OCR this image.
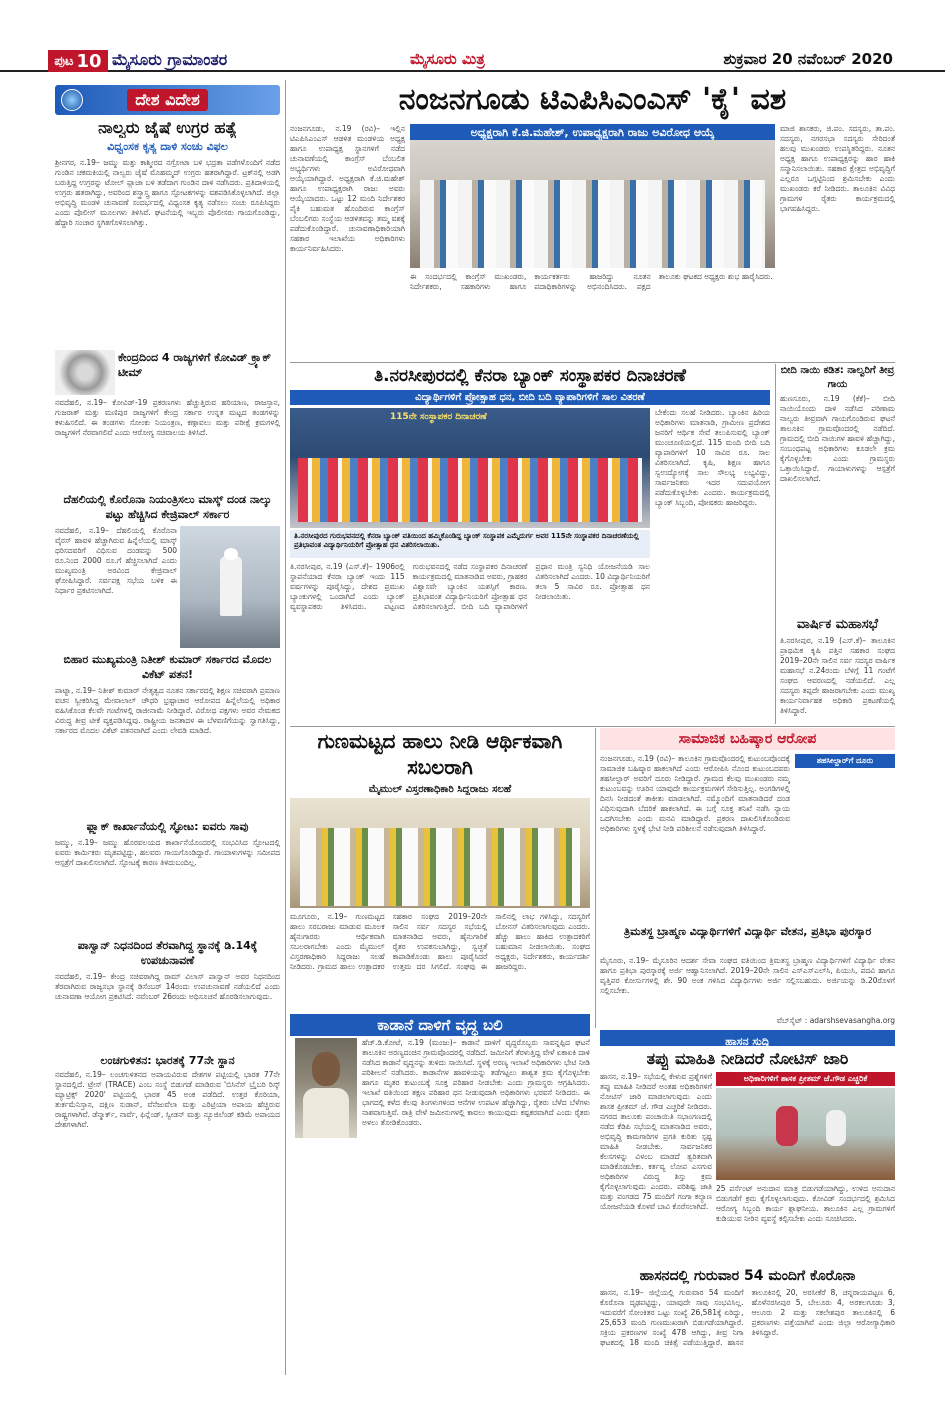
ಪುಟ 10 ಮೈಸೂರು ಗ್ರಾಮಾಂತರ	ಮೈಸೂರು ಮಿತ್ರ	ಶುಕ್ರವಾರ 20 ನವೆಂಬರ್ 2020
ದೇಶ ವಿದೇಶ
ನಾಲ್ವರು ಜೈಷೆ ಉಗ್ರರ ಹತ್ಯೆ
ವಿಧ್ವಂಸಕ ಕೃತ್ಯ ದಾಳಿ ಸಂಚು ವಿಫಲ
ಶ್ರೀನಗರ, ನ.19– ಜಮ್ಮು ಮತ್ತು ಕಾಶ್ಮೀರದ ನಗ್ರೋಟಾ ಬಳಿ ಭದ್ರತಾ ಪಡೆಗಳೊಂದಿಗೆ ನಡೆದ ಗುಂಡಿನ ಚಕಮಕಿಯಲ್ಲಿ ನಾಲ್ವರು ಜೈಷೆ ಮೊಹಮ್ಮದ್ ಉಗ್ರರು ಹತರಾಗಿದ್ದಾರೆ. ಟ್ರಕ್‌ನಲ್ಲಿ ಅಡಗಿ ಬರುತ್ತಿದ್ದ ಉಗ್ರರನ್ನು ಟೋಲ್ ಪ್ಲಾಜಾ ಬಳಿ ತಡೆದಾಗ ಗುಂಡಿನ ದಾಳಿ ನಡೆಸಿದರು. ಪ್ರತಿದಾಳಿಯಲ್ಲಿ ಉಗ್ರರು ಹತರಾಗಿದ್ದು, ಅವರಿಂದ ಶಸ್ತ್ರಾಸ್ತ್ರ ಹಾಗೂ ಸ್ಫೋಟಕಗಳನ್ನು ವಶಪಡಿಸಿಕೊಳ್ಳಲಾಗಿದೆ. ಜಿಲ್ಲಾ ಅಭಿವೃದ್ಧಿ ಮಂಡಳಿ ಚುನಾವಣೆ ಸಂದರ್ಭದಲ್ಲಿ ವಿಧ್ವಂಸಕ ಕೃತ್ಯ ನಡೆಸಲು ಸಂಚು ರೂಪಿಸಿದ್ದರು ಎಂದು ಪೊಲೀಸ್ ಮೂಲಗಳು ತಿಳಿಸಿವೆ. ಘಟನೆಯಲ್ಲಿ ಇಬ್ಬರು ಪೊಲೀಸರು ಗಾಯಗೊಂಡಿದ್ದು, ಹೆದ್ದಾರಿ ಸಂಚಾರ ಸ್ಥಗಿತಗೊಳಿಸಲಾಗಿತ್ತು.
ಕೇಂದ್ರದಿಂದ 4 ರಾಜ್ಯಗಳಿಗೆ ಕೋವಿಡ್ ಕ್ರ್ಯಾಕ್ ಟೀಮ್
ನವದೆಹಲಿ, ನ.19– ಕೋವಿಡ್-19 ಪ್ರಕರಣಗಳು ಹೆಚ್ಚುತ್ತಿರುವ ಹರಿಯಾಣ, ರಾಜಸ್ತಾನ, ಗುಜರಾತ್ ಮತ್ತು ಮಣಿಪುರ ರಾಜ್ಯಗಳಿಗೆ ಕೇಂದ್ರ ಸರ್ಕಾರ ಉನ್ನತ ಮಟ್ಟದ ತಂಡಗಳನ್ನು ಕಳುಹಿಸಲಿದೆ. ಈ ತಂಡಗಳು ಸೋಂಕು ನಿಯಂತ್ರಣ, ಕಣ್ಗಾವಲು ಮತ್ತು ಪರೀಕ್ಷೆ ಕ್ರಮಗಳಲ್ಲಿ ರಾಜ್ಯಗಳಿಗೆ ನೆರವಾಗಲಿವೆ ಎಂದು ಆರೋಗ್ಯ ಸಚಿವಾಲಯ ತಿಳಿಸಿದೆ.
ದೆಹಲಿಯಲ್ಲಿ ಕೊರೊನಾ ನಿಯಂತ್ರಿಸಲು ಮಾಸ್ಕ್ ದಂಡ ನಾಲ್ಕು ಪಟ್ಟು ಹೆಚ್ಚಿಸಿದ ಕೇಜ್ರಿವಾಲ್ ಸರ್ಕಾರ
ನವದೆಹಲಿ, ನ.19– ದೆಹಲಿಯಲ್ಲಿ ಕೊರೊನಾ ವೈರಸ್ ಹಾವಳಿ ಹೆಚ್ಚಾಗಿರುವ ಹಿನ್ನೆಲೆಯಲ್ಲಿ ಮಾಸ್ಕ್ ಧರಿಸದವರಿಗೆ ವಿಧಿಸುವ ದಂಡವನ್ನು 500 ರೂ.ನಿಂದ 2000 ರೂ.ಗೆ ಹೆಚ್ಚಿಸಲಾಗಿದೆ ಎಂದು ಮುಖ್ಯಮಂತ್ರಿ ಅರವಿಂದ ಕೇಜ್ರಿವಾಲ್ ಘೋಷಿಸಿದ್ದಾರೆ. ಸರ್ವಪಕ್ಷ ಸಭೆಯ ಬಳಿಕ ಈ ನಿರ್ಧಾರ ಪ್ರಕಟಿಸಲಾಗಿದೆ.
ಬಿಹಾರ ಮುಖ್ಯಮಂತ್ರಿ ನಿತೀಶ್ ಕುಮಾರ್ ಸರ್ಕಾರದ ಮೊದಲ ವಿಕೆಟ್ ಪತನ!
ಪಾಟ್ನಾ, ನ.19– ನಿತೀಶ್ ಕುಮಾರ್ ನೇತೃತ್ವದ ನೂತನ ಸರ್ಕಾರದಲ್ಲಿ ಶಿಕ್ಷಣ ಸಚಿವರಾಗಿ ಪ್ರಮಾಣ ವಚನ ಸ್ವೀಕರಿಸಿದ್ದ ಮೇವಾಲಾಲ್ ಚೌಧರಿ ಭ್ರಷ್ಟಾಚಾರ ಆರೋಪದ ಹಿನ್ನೆಲೆಯಲ್ಲಿ ಅಧಿಕಾರ ವಹಿಸಿಕೊಂಡ ಕೆಲವೇ ಗಂಟೆಗಳಲ್ಲಿ ರಾಜೀನಾಮೆ ನೀಡಿದ್ದಾರೆ. ವಿರೋಧ ಪಕ್ಷಗಳು ಅವರ ನೇಮಕದ ವಿರುದ್ಧ ತೀವ್ರ ಟೀಕೆ ವ್ಯಕ್ತಪಡಿಸಿದ್ದವು. ರಾಷ್ಟ್ರೀಯ ಜನತಾದಳ ಈ ಬೆಳವಣಿಗೆಯನ್ನು ಸ್ವಾಗತಿಸಿದ್ದು, ಸರ್ಕಾರದ ಮೊದಲ ವಿಕೆಟ್ ಪತನವಾಗಿದೆ ಎಂದು ಲೇವಡಿ ಮಾಡಿದೆ.
ಫ್ಲ್ಯಾಕ್ ಕಾರ್ಖಾನೆಯಲ್ಲಿ ಸ್ಫೋಟ: ಐವರು ಸಾವು
ಜಮ್ಮು, ನ.19– ಜಮ್ಮು ಹೊರವಲಯದ ಕಾರ್ಖಾನೆಯೊಂದರಲ್ಲಿ ಸಂಭವಿಸಿದ ಸ್ಫೋಟದಲ್ಲಿ ಐವರು ಕಾರ್ಮಿಕರು ಮೃತಪಟ್ಟಿದ್ದು, ಹಲವರು ಗಾಯಗೊಂಡಿದ್ದಾರೆ. ಗಾಯಾಳುಗಳನ್ನು ಸಮೀಪದ ಆಸ್ಪತ್ರೆಗೆ ದಾಖಲಿಸಲಾಗಿದೆ. ಸ್ಫೋಟಕ್ಕೆ ಕಾರಣ ತಿಳಿದುಬಂದಿಲ್ಲ.
ಪಾಸ್ವಾನ್ ನಿಧನದಿಂದ ತೆರವಾಗಿದ್ದ ಸ್ಥಾನಕ್ಕೆ ಡಿ.14ಕ್ಕೆ ಉಪಚುನಾವಣೆ
ನವದೆಹಲಿ, ನ.19– ಕೇಂದ್ರ ಸಚಿವರಾಗಿದ್ದ ರಾಮ್ ವಿಲಾಸ್ ಪಾಸ್ವಾನ್ ಅವರ ನಿಧನದಿಂದ ತೆರವಾಗಿರುವ ರಾಜ್ಯಸಭಾ ಸ್ಥಾನಕ್ಕೆ ಡಿಸೆಂಬರ್ 14ರಂದು ಉಪಚುನಾವಣೆ ನಡೆಯಲಿದೆ ಎಂದು ಚುನಾವಣಾ ಆಯೋಗ ಪ್ರಕಟಿಸಿದೆ. ನವೆಂಬರ್ 26ರಂದು ಅಧಿಸೂಚನೆ ಹೊರಡಿಸಲಾಗುವುದು.
ಲಂಚಗುಳಿತನ: ಭಾರತಕ್ಕೆ 77ನೇ ಸ್ಥಾನ
ನವದೆಹಲಿ, ನ.19– ಲಂಚಗುಳಿತನದ ಅಪಾಯವಿರುವ ದೇಶಗಳ ಪಟ್ಟಿಯಲ್ಲಿ ಭಾರತ 77ನೇ ಸ್ಥಾನದಲ್ಲಿದೆ. ಟ್ರೇಸ್ (TRACE) ಎಂಬ ಸಂಸ್ಥೆ ಬಿಡುಗಡೆ ಮಾಡಿರುವ 'ಬಿಸಿನೆಸ್ ಬ್ರೈಬರಿ ರಿಸ್ಕ್ ಮ್ಯಾಟ್ರಿಕ್ಸ್ 2020' ಪಟ್ಟಿಯಲ್ಲಿ ಭಾರತ 45 ಅಂಕ ಪಡೆದಿದೆ. ಉತ್ತರ ಕೊರಿಯಾ, ತುರ್ಕಮೆನಿಸ್ತಾನ, ದಕ್ಷಿಣ ಸುಡಾನ್, ವೆನೆಜುವೆಲಾ ಮತ್ತು ಎರಿಟ್ರಿಯಾ ಅಪಾಯ ಹೆಚ್ಚಿರುವ ರಾಷ್ಟ್ರಗಳಾಗಿವೆ. ಡೆನ್ಮಾರ್ಕ್, ನಾರ್ವೆ, ಫಿನ್ಲೆಂಡ್, ಸ್ವೀಡನ್ ಮತ್ತು ನ್ಯೂಜಿಲೆಂಡ್ ಕಡಿಮೆ ಅಪಾಯದ ದೇಶಗಳಾಗಿವೆ.
ನಂಜನಗೂಡು ಟಿಎಪಿಸಿಎಂಎಸ್ 'ಕೈ' ವಶ
ನಂಜನಗೂಡು, ನ.19 (ರವಿ)– ಇಲ್ಲಿನ ಟಿಎಪಿಸಿಎಂಎಸ್ ಆಡಳಿತ ಮಂಡಳಿಯ ಅಧ್ಯಕ್ಷ ಹಾಗೂ ಉಪಾಧ್ಯಕ್ಷ ಸ್ಥಾನಗಳಿಗೆ ನಡೆದ ಚುನಾವಣೆಯಲ್ಲಿ ಕಾಂಗ್ರೆಸ್ ಬೆಂಬಲಿತ ಅಭ್ಯರ್ಥಿಗಳು ಅವಿರೋಧವಾಗಿ ಆಯ್ಕೆಯಾಗಿದ್ದಾರೆ. ಅಧ್ಯಕ್ಷರಾಗಿ ಕೆ.ಜಿ.ಮಹೇಶ್ ಹಾಗೂ ಉಪಾಧ್ಯಕ್ಷರಾಗಿ ರಾಜು ಅವರು ಆಯ್ಕೆಯಾದರು. ಒಟ್ಟು 12 ಮಂದಿ ನಿರ್ದೇಶಕರ ಪೈಕಿ ಬಹುಮತ ಹೊಂದಿರುವ ಕಾಂಗ್ರೆಸ್ ಬೆಂಬಲಿಗರು ಸಂಸ್ಥೆಯ ಆಡಳಿತವನ್ನು ತಮ್ಮ ವಶಕ್ಕೆ ಪಡೆದುಕೊಂಡಿದ್ದಾರೆ. ಚುನಾವಣಾಧಿಕಾರಿಯಾಗಿ ಸಹಕಾರ ಇಲಾಖೆಯ ಅಧಿಕಾರಿಗಳು ಕಾರ್ಯನಿರ್ವಹಿಸಿದರು.
ಅಧ್ಯಕ್ಷರಾಗಿ ಕೆ.ಜಿ.ಮಹೇಶ್, ಉಪಾಧ್ಯಕ್ಷರಾಗಿ ರಾಜು ಅವಿರೋಧ ಆಯ್ಕೆ
ಈ ಸಂದರ್ಭದಲ್ಲಿ ಕಾಂಗ್ರೆಸ್ ಮುಖಂಡರು, ನಿರ್ದೇಶಕರು, ಸಹಕಾರಿಗಳು ಹಾಗೂ ಕಾರ್ಯಕರ್ತರು ಹಾಜರಿದ್ದು ನೂತನ ಪದಾಧಿಕಾರಿಗಳನ್ನು ಅಭಿನಂದಿಸಿದರು. ಪಕ್ಷದ ತಾಲೂಕು ಘಟಕದ ಅಧ್ಯಕ್ಷರು ಶುಭ ಹಾರೈಸಿದರು.
ಮಾಜಿ ಶಾಸಕರು, ಜಿ.ಪಂ. ಸದಸ್ಯರು, ತಾ.ಪಂ. ಸದಸ್ಯರು, ನಗರಸಭಾ ಸದಸ್ಯರು ಸೇರಿದಂತೆ ಹಲವು ಮುಖಂಡರು ಉಪಸ್ಥಿತರಿದ್ದರು. ನೂತನ ಅಧ್ಯಕ್ಷ ಹಾಗೂ ಉಪಾಧ್ಯಕ್ಷರನ್ನು ಹಾರ ಹಾಕಿ ಸನ್ಮಾನಿಸಲಾಯಿತು. ಸಹಕಾರ ಕ್ಷೇತ್ರದ ಅಭಿವೃದ್ಧಿಗೆ ಎಲ್ಲರೂ ಒಗ್ಗಟ್ಟಿನಿಂದ ಶ್ರಮಿಸಬೇಕು ಎಂದು ಮುಖಂಡರು ಕರೆ ನೀಡಿದರು. ತಾಲೂಕಿನ ವಿವಿಧ ಗ್ರಾಮಗಳ ರೈತರು ಕಾರ್ಯಕ್ರಮದಲ್ಲಿ ಭಾಗವಹಿಸಿದ್ದರು.
ತಿ.ನರಸೀಪುರದಲ್ಲಿ ಕೆನರಾ ಬ್ಯಾಂಕ್ ಸಂಸ್ಥಾಪಕರ ದಿನಾಚರಣೆ
ವಿದ್ಯಾರ್ಥಿಗಳಿಗೆ ಪ್ರೋತ್ಸಾಹ ಧನ, ಬೀದಿ ಬದಿ ವ್ಯಾಪಾರಿಗಳಿಗೆ ಸಾಲ ವಿತರಣೆ
115ನೇ ಸಂಸ್ಥಾಪಕರ ದಿನಾಚರಣೆ
ತಿ.ನರಸೀಪುರದ ಗುರುಭವನದಲ್ಲಿ ಕೆನರಾ ಬ್ಯಾಂಕ್ ವತಿಯಿಂದ ಹಮ್ಮಿಕೊಂಡಿದ್ದ ಬ್ಯಾಂಕ್ ಸಂಸ್ಥಾಪಕ ಎಮ್ಮೆದುರ್ಗ ಅವರ 115ನೇ ಸಂಸ್ಥಾಪಕರ ದಿನಾಚರಣೆಯಲ್ಲಿ ಪ್ರತಿಭಾವಂತ ವಿದ್ಯಾರ್ಥಿನಿಯರಿಗೆ ಪ್ರೋತ್ಸಾಹ ಧನ ವಿತರಿಸಲಾಯಿತು.
ಬೇಕೆಂದು ಸಲಹೆ ನೀಡಿದರು. ಬ್ಯಾಂಕಿನ ಹಿರಿಯ ಅಧಿಕಾರಿಗಳು ಮಾತನಾಡಿ, ಗ್ರಾಮೀಣ ಪ್ರದೇಶದ ಜನರಿಗೆ ಆರ್ಥಿಕ ಸೇವೆ ತಲುಪಿಸುವಲ್ಲಿ ಬ್ಯಾಂಕ್ ಮುಂಚೂಣಿಯಲ್ಲಿದೆ. 115 ಮಂದಿ ಬೀದಿ ಬದಿ ವ್ಯಾಪಾರಿಗಳಿಗೆ 10 ಸಾವಿರ ರೂ. ಸಾಲ ವಿತರಿಸಲಾಗಿದೆ. ಕೃಷಿ, ಶಿಕ್ಷಣ ಹಾಗೂ ಸ್ವಉದ್ಯೋಗಕ್ಕೆ ಸಾಲ ಸೌಲಭ್ಯ ಲಭ್ಯವಿದ್ದು, ಸಾರ್ವಜನಿಕರು ಇದರ ಸದುಪಯೋಗ ಪಡೆದುಕೊಳ್ಳಬೇಕು ಎಂದರು. ಕಾರ್ಯಕ್ರಮದಲ್ಲಿ ಬ್ಯಾಂಕ್ ಸಿಬ್ಬಂದಿ, ಪೋಷಕರು ಹಾಜರಿದ್ದರು.
ತಿ.ನರಸೀಪುರ, ನ.19 (ಎಸ್.ಕೆ)– 1906ರಲ್ಲಿ ಸ್ಥಾಪನೆಯಾದ ಕೆನರಾ ಬ್ಯಾಂಕ್ ಇಂದು 115 ವರ್ಷಗಳನ್ನು ಪೂರೈಸಿದ್ದು, ದೇಶದ ಪ್ರಮುಖ ಬ್ಯಾಂಕುಗಳಲ್ಲಿ ಒಂದಾಗಿದೆ ಎಂದು ಬ್ಯಾಂಕ್ ವ್ಯವಸ್ಥಾಪಕರು ತಿಳಿಸಿದರು. ಪಟ್ಟಣದ ಗುರುಭವನದಲ್ಲಿ ನಡೆದ ಸಂಸ್ಥಾಪಕರ ದಿನಾಚರಣೆ ಕಾರ್ಯಕ್ರಮದಲ್ಲಿ ಮಾತನಾಡಿದ ಅವರು, ಗ್ರಾಹಕರ ವಿಶ್ವಾಸವೇ ಬ್ಯಾಂಕಿನ ಯಶಸ್ಸಿಗೆ ಕಾರಣ. ಪ್ರತಿಭಾವಂತ ವಿದ್ಯಾರ್ಥಿನಿಯರಿಗೆ ಪ್ರೋತ್ಸಾಹ ಧನ ವಿತರಿಸಲಾಗುತ್ತಿದೆ. ಬೀದಿ ಬದಿ ವ್ಯಾಪಾರಿಗಳಿಗೆ ಪ್ರಧಾನ ಮಂತ್ರಿ ಸ್ವನಿಧಿ ಯೋಜನೆಯಡಿ ಸಾಲ ವಿತರಿಸಲಾಗಿದೆ ಎಂದರು. 10 ವಿದ್ಯಾರ್ಥಿನಿಯರಿಗೆ ತಲಾ 5 ಸಾವಿರ ರೂ. ಪ್ರೋತ್ಸಾಹ ಧನ ನೀಡಲಾಯಿತು.
ಬೀದಿ ನಾಯಿ ಕಡಿತ: ನಾಲ್ವರಿಗೆ ತೀವ್ರ ಗಾಯ
ಹುಣಸೂರು, ನ.19 (ಕೆಕೆ)– ಬೀದಿ ನಾಯಿಯೊಂದು ದಾಳಿ ನಡೆಸಿದ ಪರಿಣಾಮ ನಾಲ್ವರು ತೀವ್ರವಾಗಿ ಗಾಯಗೊಂಡಿರುವ ಘಟನೆ ತಾಲೂಕಿನ ಗ್ರಾಮವೊಂದರಲ್ಲಿ ನಡೆದಿದೆ. ಗ್ರಾಮದಲ್ಲಿ ಬೀದಿ ನಾಯಿಗಳ ಹಾವಳಿ ಹೆಚ್ಚಾಗಿದ್ದು, ಸಂಬಂಧಪಟ್ಟ ಅಧಿಕಾರಿಗಳು ಕೂಡಲೇ ಕ್ರಮ ಕೈಗೊಳ್ಳಬೇಕು ಎಂದು ಗ್ರಾಮಸ್ಥರು ಒತ್ತಾಯಿಸಿದ್ದಾರೆ. ಗಾಯಾಳುಗಳನ್ನು ಆಸ್ಪತ್ರೆಗೆ ದಾಖಲಿಸಲಾಗಿದೆ.
ವಾರ್ಷಿಕ ಮಹಾಸಭೆ
ತಿ.ನರಸೀಪುರ, ನ.19 (ಎಸ್.ಕೆ)– ತಾಲೂಕಿನ ಪ್ರಾಥಮಿಕ ಕೃಷಿ ಪತ್ತಿನ ಸಹಕಾರ ಸಂಘದ 2019–20ನೇ ಸಾಲಿನ ಸರ್ವ ಸದಸ್ಯರ ವಾರ್ಷಿಕ ಮಹಾಸಭೆ ನ.24ರಂದು ಬೆಳಿಗ್ಗೆ 11 ಗಂಟೆಗೆ ಸಂಘದ ಆವರಣದಲ್ಲಿ ನಡೆಯಲಿದೆ. ಎಲ್ಲ ಸದಸ್ಯರು ತಪ್ಪದೇ ಹಾಜರಾಗಬೇಕು ಎಂದು ಮುಖ್ಯ ಕಾರ್ಯನಿರ್ವಾಹಕ ಅಧಿಕಾರಿ ಪ್ರಕಟಣೆಯಲ್ಲಿ ತಿಳಿಸಿದ್ದಾರೆ.
ಗುಣಮಟ್ಟದ ಹಾಲು ನೀಡಿ ಆರ್ಥಿಕವಾಗಿ ಸಬಲರಾಗಿ
ಮೈಮುಲ್ ವಿಸ್ತರಣಾಧಿಕಾರಿ ಸಿದ್ದರಾಜು ಸಲಹೆ
ಮೂಗೂರು, ನ.19– ಗುಣಮಟ್ಟದ ಹಾಲು ಸರಬರಾಜು ಮಾಡುವ ಮೂಲಕ ಹೈನುಗಾರರು ಆರ್ಥಿಕವಾಗಿ ಸಬಲರಾಗಬೇಕು ಎಂದು ಮೈಮುಲ್ ವಿಸ್ತರಣಾಧಿಕಾರಿ ಸಿದ್ದರಾಜು ಸಲಹೆ ನೀಡಿದರು. ಗ್ರಾಮದ ಹಾಲು ಉತ್ಪಾದಕರ ಸಹಕಾರ ಸಂಘದ 2019–20ನೇ ಸಾಲಿನ ಸರ್ವ ಸದಸ್ಯರ ಸಭೆಯಲ್ಲಿ ಮಾತನಾಡಿದ ಅವರು, ಹೈನುಗಾರಿಕೆ ರೈತರ ಉಪಕಸುಬಾಗಿದ್ದು, ಸ್ವಚ್ಛತೆ ಕಾಪಾಡಿಕೊಂಡು ಹಾಲು ಪೂರೈಸಿದರೆ ಉತ್ತಮ ದರ ಸಿಗಲಿದೆ. ಸಂಘವು ಈ ಸಾಲಿನಲ್ಲಿ ಲಾಭ ಗಳಿಸಿದ್ದು, ಸದಸ್ಯರಿಗೆ ಬೋನಸ್ ವಿತರಿಸಲಾಗುವುದು ಎಂದರು. ಹೆಚ್ಚು ಹಾಲು ಹಾಕಿದ ಉತ್ಪಾದಕರಿಗೆ ಬಹುಮಾನ ನೀಡಲಾಯಿತು. ಸಂಘದ ಅಧ್ಯಕ್ಷರು, ನಿರ್ದೇಶಕರು, ಕಾರ್ಯದರ್ಶಿ ಹಾಜರಿದ್ದರು.
ಕಾಡಾನೆ ದಾಳಿಗೆ ವೃದ್ಧ ಬಲಿ
ಹೆಚ್.ಡಿ.ಕೋಟೆ, ನ.19 (ಮಂಜು)– ಕಾಡಾನೆ ದಾಳಿಗೆ ವೃದ್ಧರೊಬ್ಬರು ಸಾವನ್ನಪ್ಪಿದ ಘಟನೆ ತಾಲೂಕಿನ ಅರಣ್ಯದಂಚಿನ ಗ್ರಾಮವೊಂದರಲ್ಲಿ ನಡೆದಿದೆ. ಜಮೀನಿಗೆ ತೆರಳುತ್ತಿದ್ದ ವೇಳೆ ಏಕಾಏಕಿ ದಾಳಿ ನಡೆಸಿದ ಕಾಡಾನೆ ವೃದ್ಧನನ್ನು ತುಳಿದು ಸಾಯಿಸಿದೆ. ಸ್ಥಳಕ್ಕೆ ಅರಣ್ಯ ಇಲಾಖೆ ಅಧಿಕಾರಿಗಳು ಭೇಟಿ ನೀಡಿ ಪರಿಶೀಲನೆ ನಡೆಸಿದರು. ಕಾಡಾನೆಗಳ ಹಾವಳಿಯನ್ನು ತಡೆಗಟ್ಟಲು ಶಾಶ್ವತ ಕ್ರಮ ಕೈಗೊಳ್ಳಬೇಕು ಹಾಗೂ ಮೃತರ ಕುಟುಂಬಕ್ಕೆ ಸೂಕ್ತ ಪರಿಹಾರ ನೀಡಬೇಕು ಎಂದು ಗ್ರಾಮಸ್ಥರು ಆಗ್ರಹಿಸಿದರು. ಇಲಾಖೆ ವತಿಯಿಂದ ತಕ್ಷಣ ಪರಿಹಾರ ಧನ ನೀಡುವುದಾಗಿ ಅಧಿಕಾರಿಗಳು ಭರವಸೆ ನೀಡಿದರು. ಈ ಭಾಗದಲ್ಲಿ ಕಳೆದ ಕೆಲವು ತಿಂಗಳುಗಳಿಂದ ಆನೆಗಳ ಉಪಟಳ ಹೆಚ್ಚಾಗಿದ್ದು, ರೈತರು ಬೆಳೆದ ಬೆಳೆಗಳು ನಾಶವಾಗುತ್ತಿವೆ. ರಾತ್ರಿ ವೇಳೆ ಜಮೀನುಗಳಲ್ಲಿ ಕಾವಲು ಕಾಯುವುದು ಕಷ್ಟಕರವಾಗಿದೆ ಎಂದು ರೈತರು ಅಳಲು ತೋಡಿಕೊಂಡರು.
ಸಾಮಾಜಿಕ ಬಹಿಷ್ಕಾರ ಆರೋಪ
ನಂಜನಗೂಡು, ನ.19 (ರವಿ)– ತಾಲೂಕಿನ ಗ್ರಾಮವೊಂದರಲ್ಲಿ ಕುಟುಂಬವೊಂದಕ್ಕೆ ಸಾಮಾಜಿಕ ಬಹಿಷ್ಕಾರ ಹಾಕಲಾಗಿದೆ ಎಂದು ಆರೋಪಿಸಿ ನೊಂದ ಕುಟುಂಬದವರು ತಹಸೀಲ್ದಾರ್ ಅವರಿಗೆ ದೂರು ನೀಡಿದ್ದಾರೆ. ಗ್ರಾಮದ ಕೆಲವು ಮುಖಂಡರು ನಮ್ಮ ಕುಟುಂಬವನ್ನು ಊರಿನ ಯಾವುದೇ ಕಾರ್ಯಕ್ರಮಗಳಿಗೆ ಸೇರಿಸುತ್ತಿಲ್ಲ. ಅಂಗಡಿಗಳಲ್ಲಿ ದಿನಸಿ ನೀಡದಂತೆ ತಾಕೀತು ಮಾಡಲಾಗಿದೆ. ನಮ್ಮೊಂದಿಗೆ ಮಾತನಾಡಿದರೆ ದಂಡ ವಿಧಿಸುವುದಾಗಿ ಬೆದರಿಕೆ ಹಾಕಲಾಗಿದೆ. ಈ ಬಗ್ಗೆ ಸೂಕ್ತ ತನಿಖೆ ನಡೆಸಿ ನ್ಯಾಯ ಒದಗಿಸಬೇಕು ಎಂದು ಮನವಿ ಮಾಡಿದ್ದಾರೆ. ಪ್ರಕರಣ ದಾಖಲಿಸಿಕೊಂಡಿರುವ ಅಧಿಕಾರಿಗಳು ಸ್ಥಳಕ್ಕೆ ಭೇಟಿ ನೀಡಿ ಪರಿಶೀಲನೆ ನಡೆಸುವುದಾಗಿ ತಿಳಿಸಿದ್ದಾರೆ.
ತಹಸೀಲ್ದಾರ್‌ಗೆ ದೂರು
ತ್ರಿಮತಸ್ಥ ಬ್ರಾಹ್ಮಣ ವಿದ್ಯಾರ್ಥಿಗಳಿಗೆ ವಿದ್ಯಾರ್ಥಿ ವೇತನ, ಪ್ರತಿಭಾ ಪುರಸ್ಕಾರ
ಮೈಸೂರು, ನ.19– ಮೈಸೂರಿನ ಆದರ್ಶ ಸೇವಾ ಸಂಘದ ವತಿಯಿಂದ ತ್ರಿಮತಸ್ಥ ಬ್ರಾಹ್ಮಣ ವಿದ್ಯಾರ್ಥಿಗಳಿಗೆ ವಿದ್ಯಾರ್ಥಿ ವೇತನ ಹಾಗೂ ಪ್ರತಿಭಾ ಪುರಸ್ಕಾರಕ್ಕೆ ಅರ್ಜಿ ಆಹ್ವಾನಿಸಲಾಗಿದೆ. 2019–20ನೇ ಸಾಲಿನ ಎಸ್ಎಸ್ಎಲ್‌ಸಿ, ಪಿಯುಸಿ, ಪದವಿ ಹಾಗೂ ವೃತ್ತಿಪರ ಕೋರ್ಸುಗಳಲ್ಲಿ ಶೇ. 90 ಅಂಕ ಗಳಿಸಿದ ವಿದ್ಯಾರ್ಥಿಗಳು ಅರ್ಜಿ ಸಲ್ಲಿಸಬಹುದು. ಅರ್ಜಿಯನ್ನು ಡಿ.20ರೊಳಗೆ ಸಲ್ಲಿಸಬೇಕು.
ವೆಬ್‌ಸೈಟ್ : adarshsevasangha.org
ಹಾಸನ ಸುದ್ದಿ
ತಪ್ಪು ಮಾಹಿತಿ ನೀಡಿದರೆ ನೋಟಿಸ್ ಜಾರಿ
ಹಾಸನ, ನ.19– ಸಭೆಯಲ್ಲಿ ಕೇಳುವ ಪ್ರಶ್ನೆಗಳಿಗೆ ತಪ್ಪು ಮಾಹಿತಿ ನೀಡಿದರೆ ಅಂತಹ ಅಧಿಕಾರಿಗಳಿಗೆ ನೋಟಿಸ್ ಜಾರಿ ಮಾಡಲಾಗುವುದು ಎಂದು ಶಾಸಕ ಪ್ರೀತಮ್ ಜೆ. ಗೌಡ ಎಚ್ಚರಿಕೆ ನೀಡಿದರು. ನಗರದ ತಾಲೂಕು ಪಂಚಾಯಿತಿ ಸಭಾಂಗಣದಲ್ಲಿ ನಡೆದ ಕೆಡಿಪಿ ಸಭೆಯಲ್ಲಿ ಮಾತನಾಡಿದ ಅವರು, ಅಭಿವೃದ್ಧಿ ಕಾಮಗಾರಿಗಳ ಪ್ರಗತಿ ಕುರಿತು ಸ್ಪಷ್ಟ ಮಾಹಿತಿ ನೀಡಬೇಕು. ಸಾರ್ವಜನಿಕರ ಕೆಲಸಗಳನ್ನು ವಿಳಂಬ ಮಾಡದೆ ತ್ವರಿತವಾಗಿ ಮಾಡಿಕೊಡಬೇಕು. ಕರ್ತವ್ಯ ಲೋಪ ಎಸಗುವ ಅಧಿಕಾರಿಗಳ ವಿರುದ್ಧ ಶಿಸ್ತು ಕ್ರಮ ಕೈಗೊಳ್ಳಲಾಗುವುದು ಎಂದರು. ಪರಿಶಿಷ್ಟ ಜಾತಿ ಮತ್ತು ಪಂಗಡದ 75 ಮಂದಿಗೆ ಗಂಗಾ ಕಲ್ಯಾಣ ಯೋಜನೆಯಡಿ ಕೊಳವೆ ಬಾವಿ ಕೊರೆಸಲಾಗಿದೆ.
ಅಧಿಕಾರಿಗಳಿಗೆ ಶಾಸಕ ಪ್ರೀತಮ್ ಜೆ.ಗೌಡ ಎಚ್ಚರಿಕೆ
25 ಪರ್ಸೆಂಟ್ ಅನುದಾನ ಮಾತ್ರ ಬಿಡುಗಡೆಯಾಗಿದ್ದು, ಉಳಿದ ಅನುದಾನ ಬಿಡುಗಡೆಗೆ ಕ್ರಮ ಕೈಗೊಳ್ಳಲಾಗುವುದು. ಕೋವಿಡ್ ಸಂದರ್ಭದಲ್ಲಿ ಶ್ರಮಿಸಿದ ಆರೋಗ್ಯ ಸಿಬ್ಬಂದಿ ಕಾರ್ಯ ಶ್ಲಾಘನೀಯ. ತಾಲೂಕಿನ ಎಲ್ಲ ಗ್ರಾಮಗಳಿಗೆ ಕುಡಿಯುವ ನೀರಿನ ವ್ಯವಸ್ಥೆ ಕಲ್ಪಿಸಬೇಕು ಎಂದು ಸೂಚಿಸಿದರು.
ಹಾಸನದಲ್ಲಿ ಗುರುವಾರ 54 ಮಂದಿಗೆ ಕೊರೊನಾ
ಹಾಸನ, ನ.19– ಜಿಲ್ಲೆಯಲ್ಲಿ ಗುರುವಾರ 54 ಮಂದಿಗೆ ಕೊರೊನಾ ದೃಢಪಟ್ಟಿದ್ದು, ಯಾವುದೇ ಸಾವು ಸಂಭವಿಸಿಲ್ಲ. ಇದುವರೆಗೆ ಸೋಂಕಿತರ ಒಟ್ಟು ಸಂಖ್ಯೆ 26,581ಕ್ಕೆ ಏರಿದ್ದು, 25,653 ಮಂದಿ ಗುಣಮುಖರಾಗಿ ಬಿಡುಗಡೆಯಾಗಿದ್ದಾರೆ. ಸಕ್ರಿಯ ಪ್ರಕರಣಗಳ ಸಂಖ್ಯೆ 478 ಆಗಿದ್ದು, ತೀವ್ರ ನಿಗಾ ಘಟಕದಲ್ಲಿ 18 ಮಂದಿ ಚಿಕಿತ್ಸೆ ಪಡೆಯುತ್ತಿದ್ದಾರೆ. ಹಾಸನ ತಾಲೂಕಿನಲ್ಲಿ 20, ಅರಸೀಕೆರೆ 8, ಚನ್ನರಾಯಪಟ್ಟಣ 6, ಹೊಳೆನರಸೀಪುರ 5, ಬೇಲೂರು 4, ಅರಕಲಗೂಡು 3, ಆಲೂರು 2 ಮತ್ತು ಸಕಲೇಶಪುರ ತಾಲೂಕಿನಲ್ಲಿ 6 ಪ್ರಕರಣಗಳು ಪತ್ತೆಯಾಗಿವೆ ಎಂದು ಜಿಲ್ಲಾ ಆರೋಗ್ಯಾಧಿಕಾರಿ ತಿಳಿಸಿದ್ದಾರೆ.
